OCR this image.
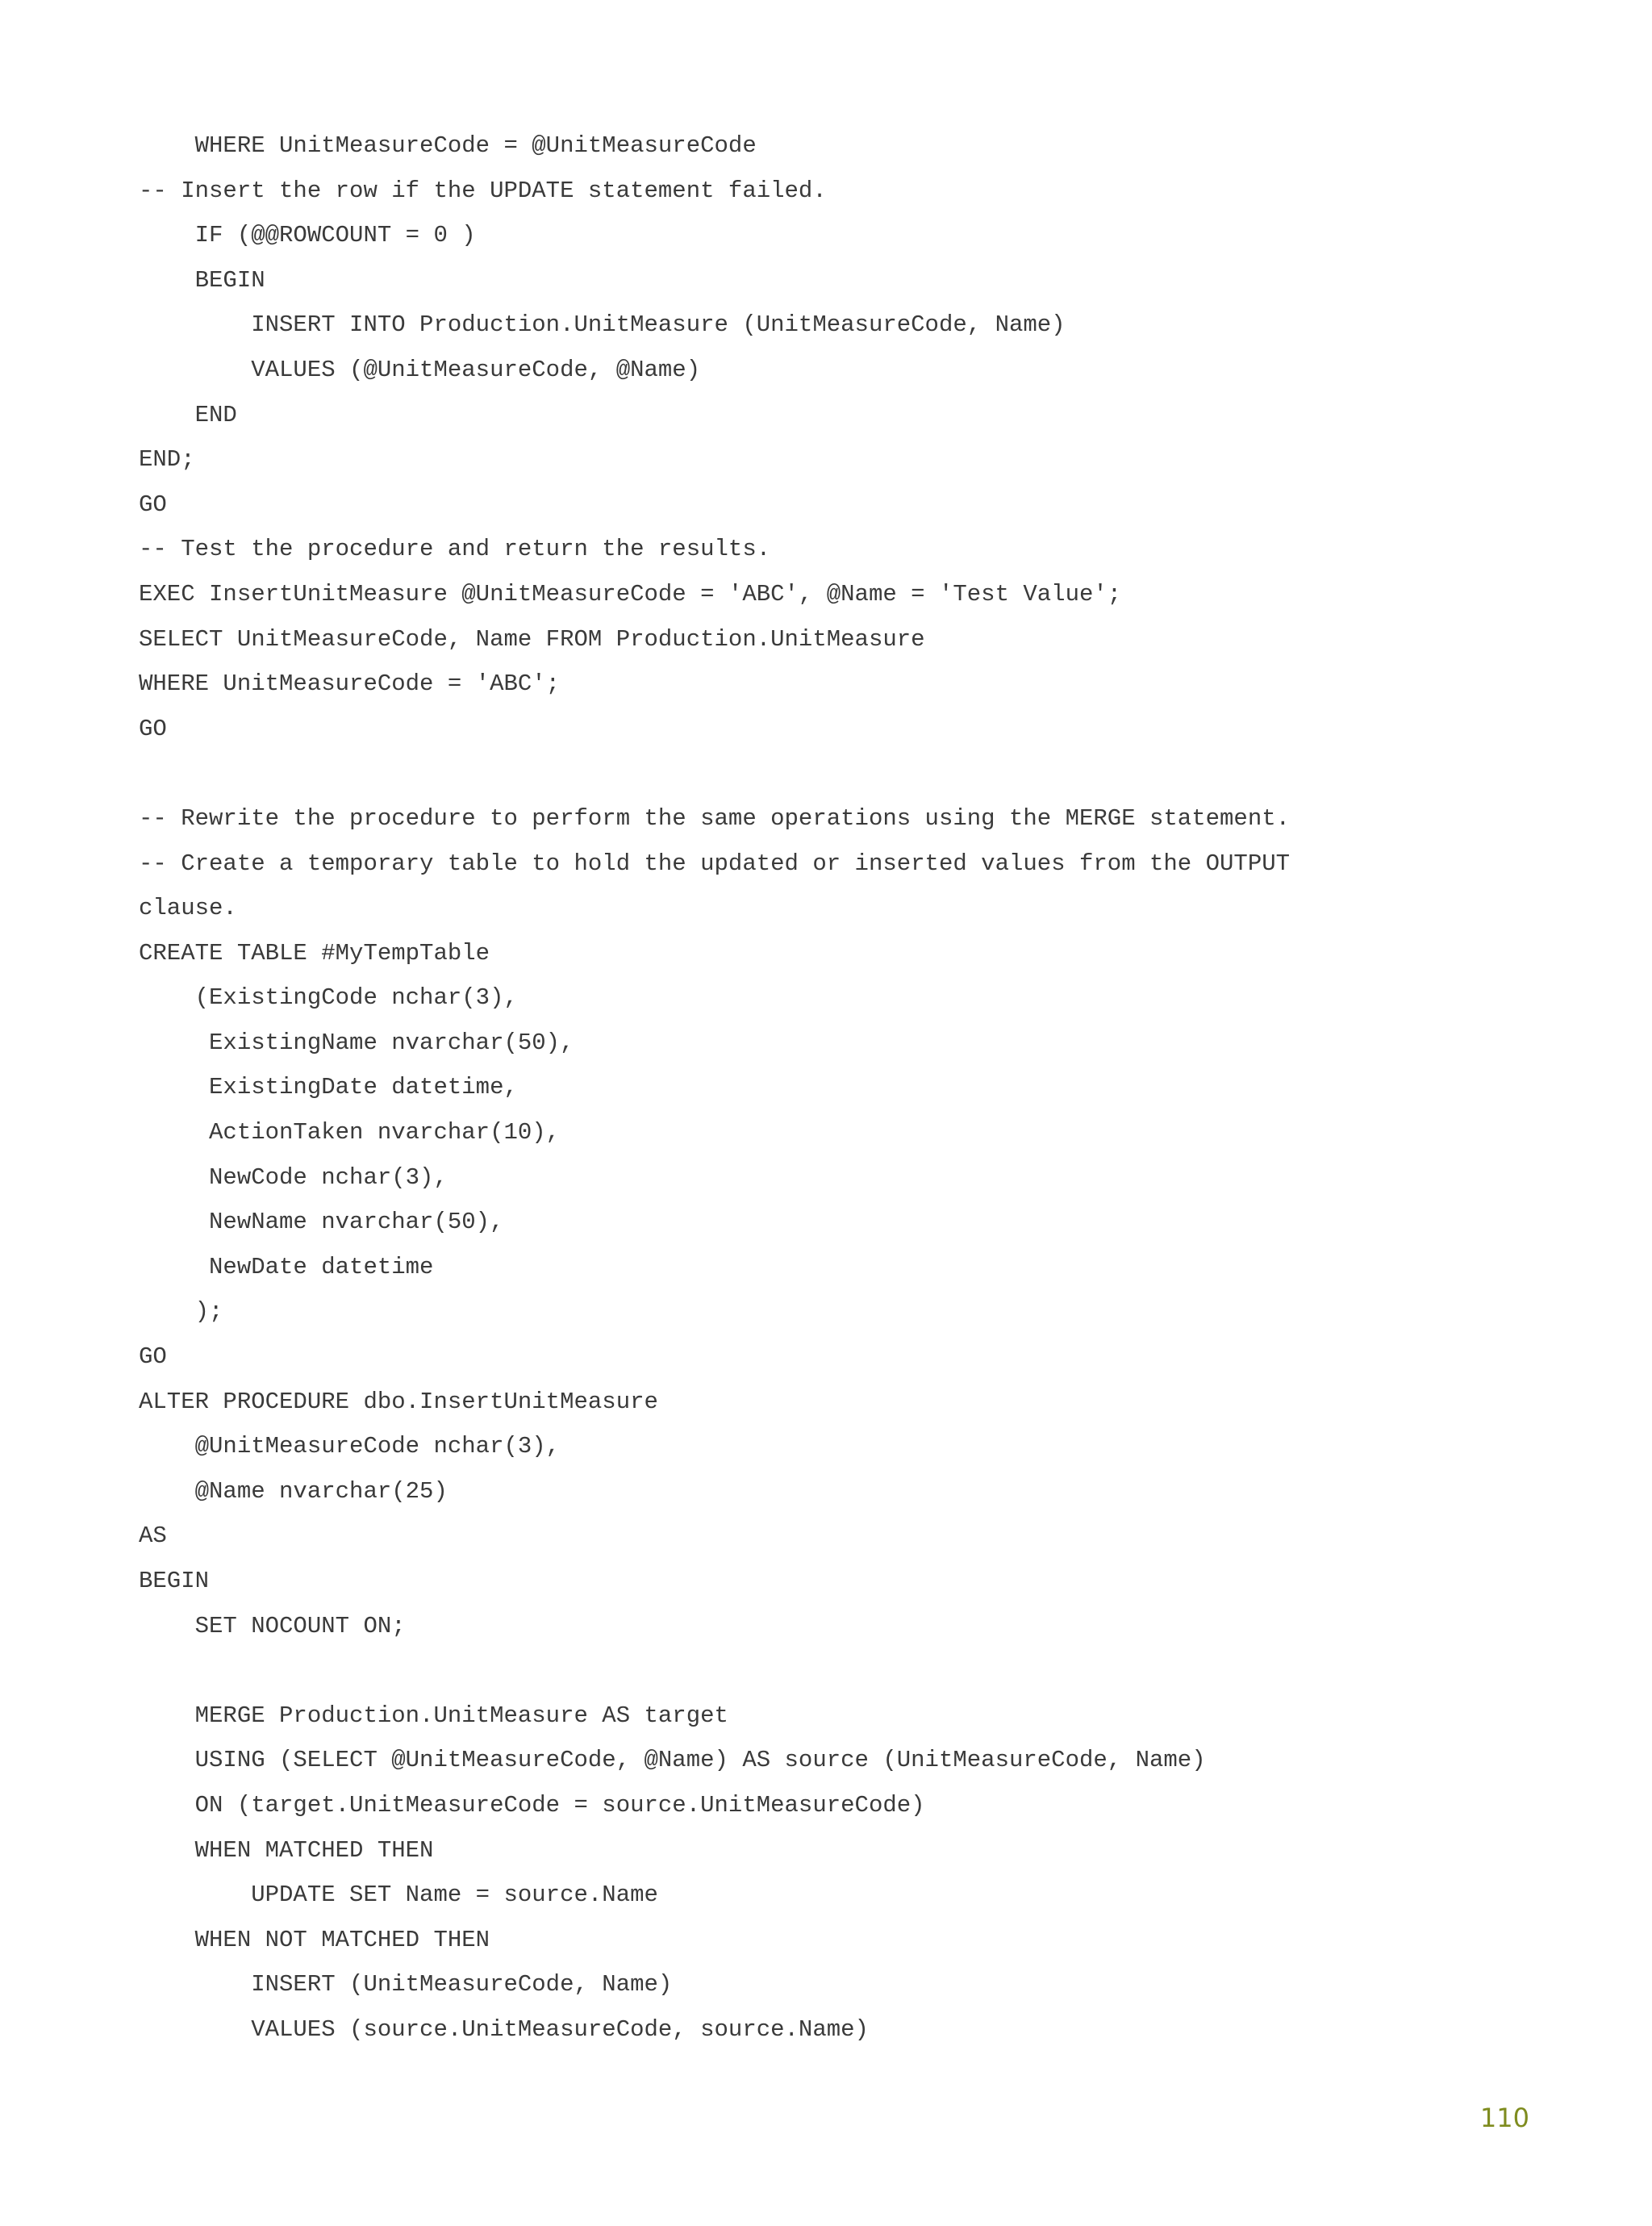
WHERE UnitMeasureCode = @UnitMeasureCode
-- Insert the row if the UPDATE statement failed.
IF (@@ROWCOUNT = 0 )
BEGIN
INSERT INTO Production.UnitMeasure (UnitMeasureCode, Name)
VALUES (@UnitMeasureCode, @Name)
END
END;
GO
-- Test the procedure and return the results.
EXEC InsertUnitMeasure @UnitMeasureCode = 'ABC', @Name = 'Test Value';
SELECT UnitMeasureCode, Name FROM Production.UnitMeasure
WHERE UnitMeasureCode = 'ABC';
GO
-- Rewrite the procedure to perform the same operations using the MERGE statement.
-- Create a temporary table to hold the updated or inserted values from the OUTPUT
clause.
CREATE TABLE #MyTempTable
(ExistingCode nchar(3),
ExistingName nvarchar(50),
ExistingDate datetime,
ActionTaken nvarchar(10),
NewCode nchar(3),
NewName nvarchar(50),
NewDate datetime
);
GO
ALTER PROCEDURE dbo.InsertUnitMeasure
@UnitMeasureCode nchar(3),
@Name nvarchar(25)
AS
BEGIN
SET NOCOUNT ON;
MERGE Production.UnitMeasure AS target
USING (SELECT @UnitMeasureCode, @Name) AS source (UnitMeasureCode, Name)
ON (target.UnitMeasureCode = source.UnitMeasureCode)
WHEN MATCHED THEN
UPDATE SET Name = source.Name
WHEN NOT MATCHED THEN
INSERT (UnitMeasureCode, Name)
VALUES (source.UnitMeasureCode, source.Name)
110
